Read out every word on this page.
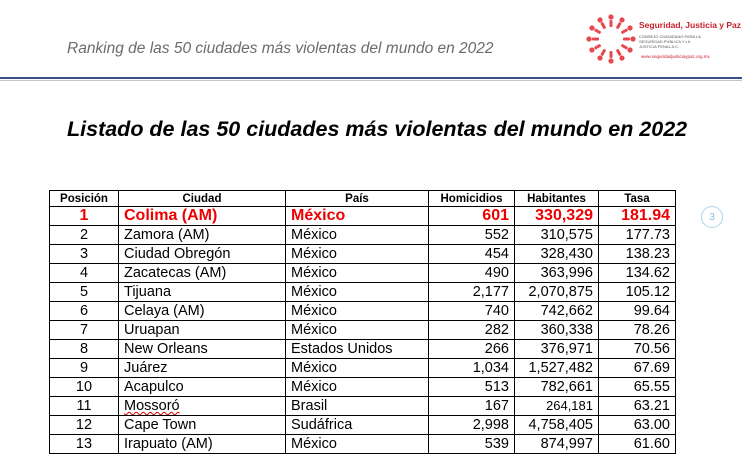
Ranking de las 50 ciudades más violentas del mundo en 2022
Seguridad, Justicia y Paz
CONSEJO CIUDADANO PARA LA SEGURIDAD PÚBLICA Y LA JUSTICIA PENAL A.C.
www.seguridadjusticiaypaz.org.mx
Listado de las 50 ciudades más violentas del mundo en 2022
3
Posición	Ciudad	País	Homicidios	Habitantes	Tasa
1	Colima (AM)	México	601	330,329	181.94
2	Zamora (AM)	México	552	310,575	177.73
3	Ciudad Obregón	México	454	328,430	138.23
4	Zacatecas (AM)	México	490	363,996	134.62
5	Tijuana	México	2,177	2,070,875	105.12
6	Celaya (AM)	México	740	742,662	99.64
7	Uruapan	México	282	360,338	78.26
8	New Orleans	Estados Unidos	266	376,971	70.56
9	Juárez	México	1,034	1,527,482	67.69
10	Acapulco	México	513	782,661	65.55
11	Mossoró	Brasil	167	264,181	63.21
12	Cape Town	Sudáfrica	2,998	4,758,405	63.00
13	Irapuato (AM)	México	539	874,997	61.60
